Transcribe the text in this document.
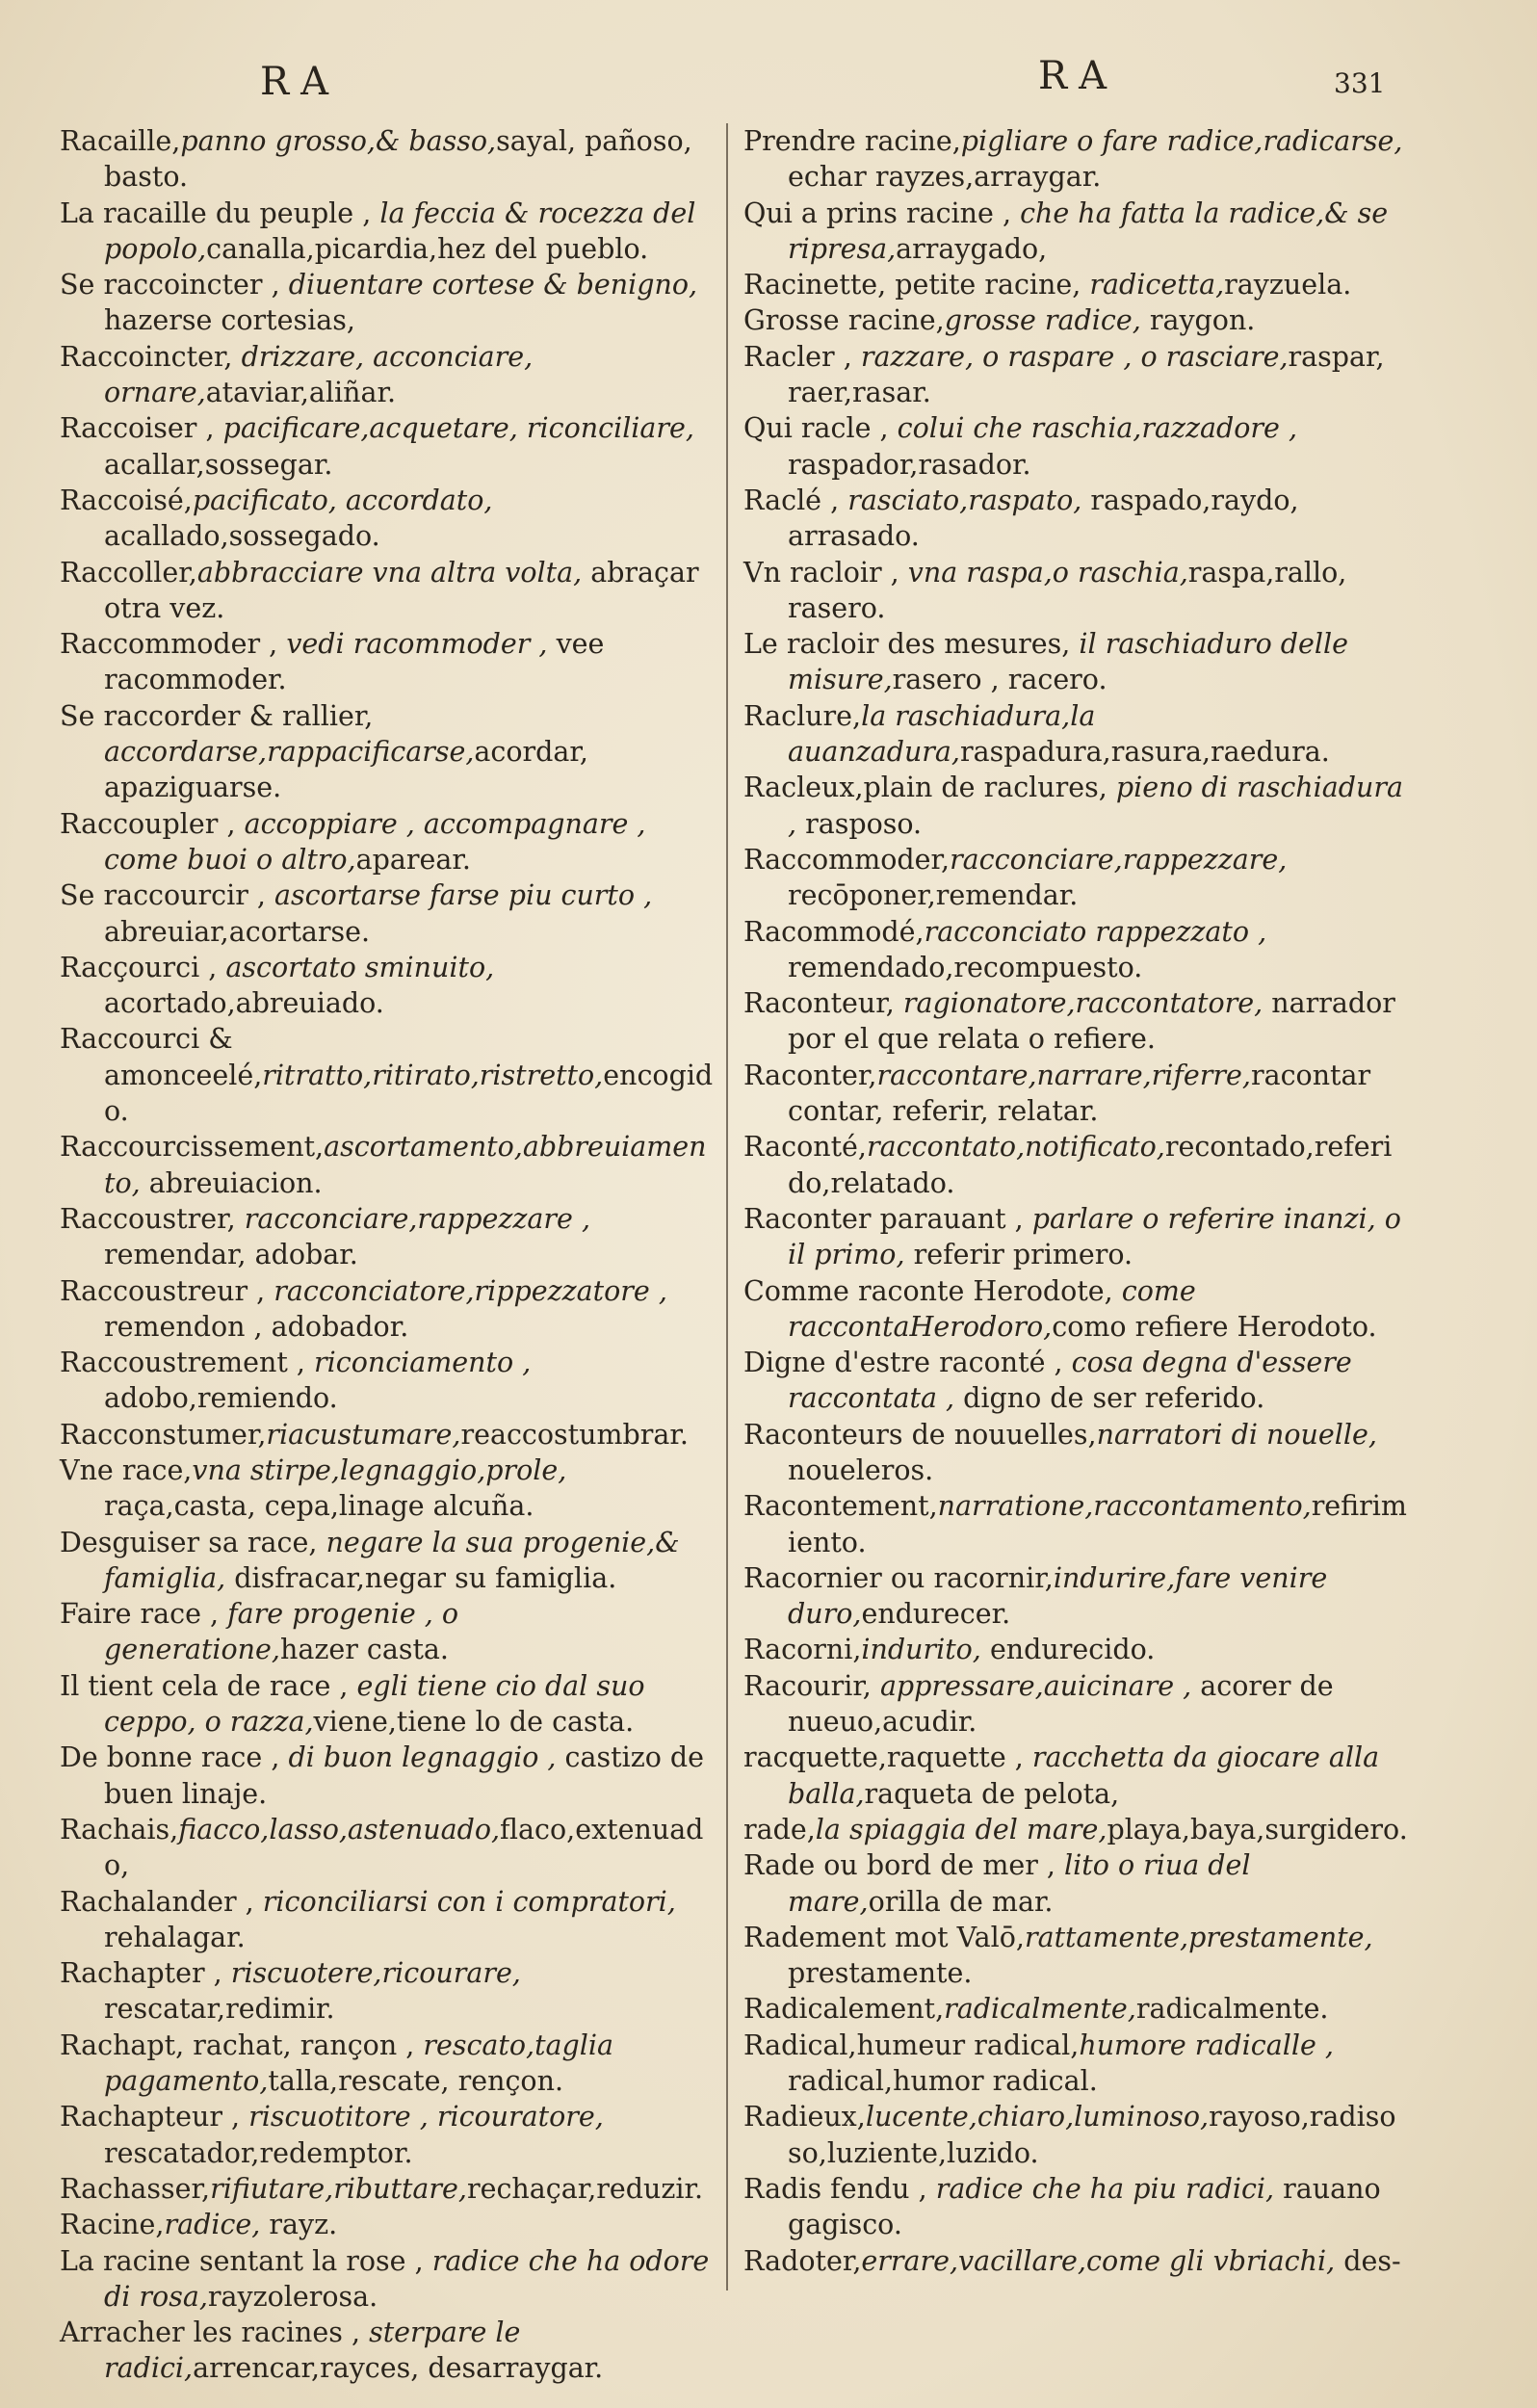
RA	RA	331

Racaille,panno grosso,& basso,sayal, pañoso, basto.

La racaille du peuple , la feccia & rocezza del popolo,canalla,picardia,hez del pueblo.

Se raccoincter , diuentare cortese & benigno, hazerse cortesias,

Raccoincter, drizzare, acconciare, ornare,ataviar,aliñar.

Raccoiser , pacificare,acquetare, riconciliare, acallar,sossegar.

Raccoisé,pacificato, accordato, acallado,sossegado.

Raccoller,abbracciare vna altra volta, abraçar otra vez.

Raccommoder , vedi racommoder , vee racommoder.

Se raccorder & rallier, accordarse,rappacificarse,acordar, apaziguarse.

Raccoupler , accoppiare , accompagnare , come buoi o altro,aparear.

Se raccourcir , ascortarse farse piu curto , abreuiar,acortarse.

Racçourci , ascortato sminuito, acortado,abreuiado.

Raccourci & amonceelé,ritratto,ritirato,ristretto,encogido.

Raccourcissement,ascortamento,abbreuiamento, abreuiacion.

Raccoustrer, racconciare,rappezzare , remendar, adobar.

Raccoustreur , racconciatore,rippezzatore , remendon , adobador.

Raccoustrement , riconciamento , adobo,remiendo.

Racconstumer,riacustumare,reaccostumbrar.

Vne race,vna stirpe,legnaggio,prole, raça,casta, cepa,linage alcuña.

Desguiser sa race, negare la sua progenie,& famiglia, disfracar,negar su famiglia.

Faire race , fare progenie , o generatione,hazer casta.

Il tient cela de race , egli tiene cio dal suo ceppo, o razza,viene,tiene lo de casta.

De bonne race , di buon legnaggio , castizo de buen linaje.

Rachais,fiacco,lasso,astenuado,flaco,extenuado,

Rachalander , riconciliarsi con i compratori, rehalagar.

Rachapter , riscuotere,ricourare, rescatar,redimir.

Rachapt, rachat, rançon , rescato,taglia pagamento,talla,rescate, rençon.

Rachapteur , riscuotitore , ricouratore, rescatador,redemptor.

Rachasser,rifiutare,ributtare,rechaçar,reduzir.

Racine,radice, rayz.

La racine sentant la rose , radice che ha odore di rosa,rayzolerosa.

Arracher les racines , sterpare le radici,arrencar,rayces, desarraygar.

Prendre racine,pigliare o fare radice,radicarse, echar rayzes,arraygar.

Qui a prins racine , che ha fatta la radice,& se ripresa,arraygado,

Racinette, petite racine, radicetta,rayzuela.

Grosse racine,grosse radice, raygon.

Racler , razzare, o raspare , o rasciare,raspar, raer,rasar.

Qui racle , colui che raschia,razzadore , raspador,rasador.

Raclé , rasciato,raspato, raspado,raydo, arrasado.

Vn racloir , vna raspa,o raschia,raspa,rallo, rasero.

Le racloir des mesures, il raschiaduro delle misure,rasero , racero.

Raclure,la raschiadura,la auanzadura,raspadura,rasura,raedura.

Racleux,plain de raclures, pieno di raschiadura , rasposo.

Raccommoder,racconciare,rappezzare, recōponer,remendar.

Racommodé,racconciato rappezzato , remendado,recompuesto.

Raconteur, ragionatore,raccontatore, narrador por el que relata o refiere.

Raconter,raccontare,narrare,riferre,racontar contar, referir, relatar.

Raconté,raccontato,notificato,recontado,referido,relatado.

Raconter parauant , parlare o referire inanzi, o il primo, referir primero.

Comme raconte Herodote, come raccontaHerodoro,como refiere Herodoto.

Digne d'estre raconté , cosa degna d'essere raccontata , digno de ser referido.

Raconteurs de nouuelles,narratori di nouelle, noueleros.

Racontement,narratione,raccontamento,refirimiento.

Racornier ou racornir,indurire,fare venire duro,endurecer.

Racorni,indurito, endurecido.

Racourir, appressare,auicinare , acorer de nueuo,acudir.

racquette,raquette , racchetta da giocare alla balla,raqueta de pelota,

rade,la spiaggia del mare,playa,baya,surgidero.

Rade ou bord de mer , lito o riua del mare,orilla de mar.

Radement mot Valō,rattamente,prestamente, prestamente.

Radicalement,radicalmente,radicalmente.

Radical,humeur radical,humore radicalle , radical,humor radical.

Radieux,lucente,chiaro,luminoso,rayoso,radisoso,luziente,luzido.

Radis fendu , radice che ha piu radici, rauano gagisco.

Radoter,errare,vacillare,come gli vbriachi, des-
